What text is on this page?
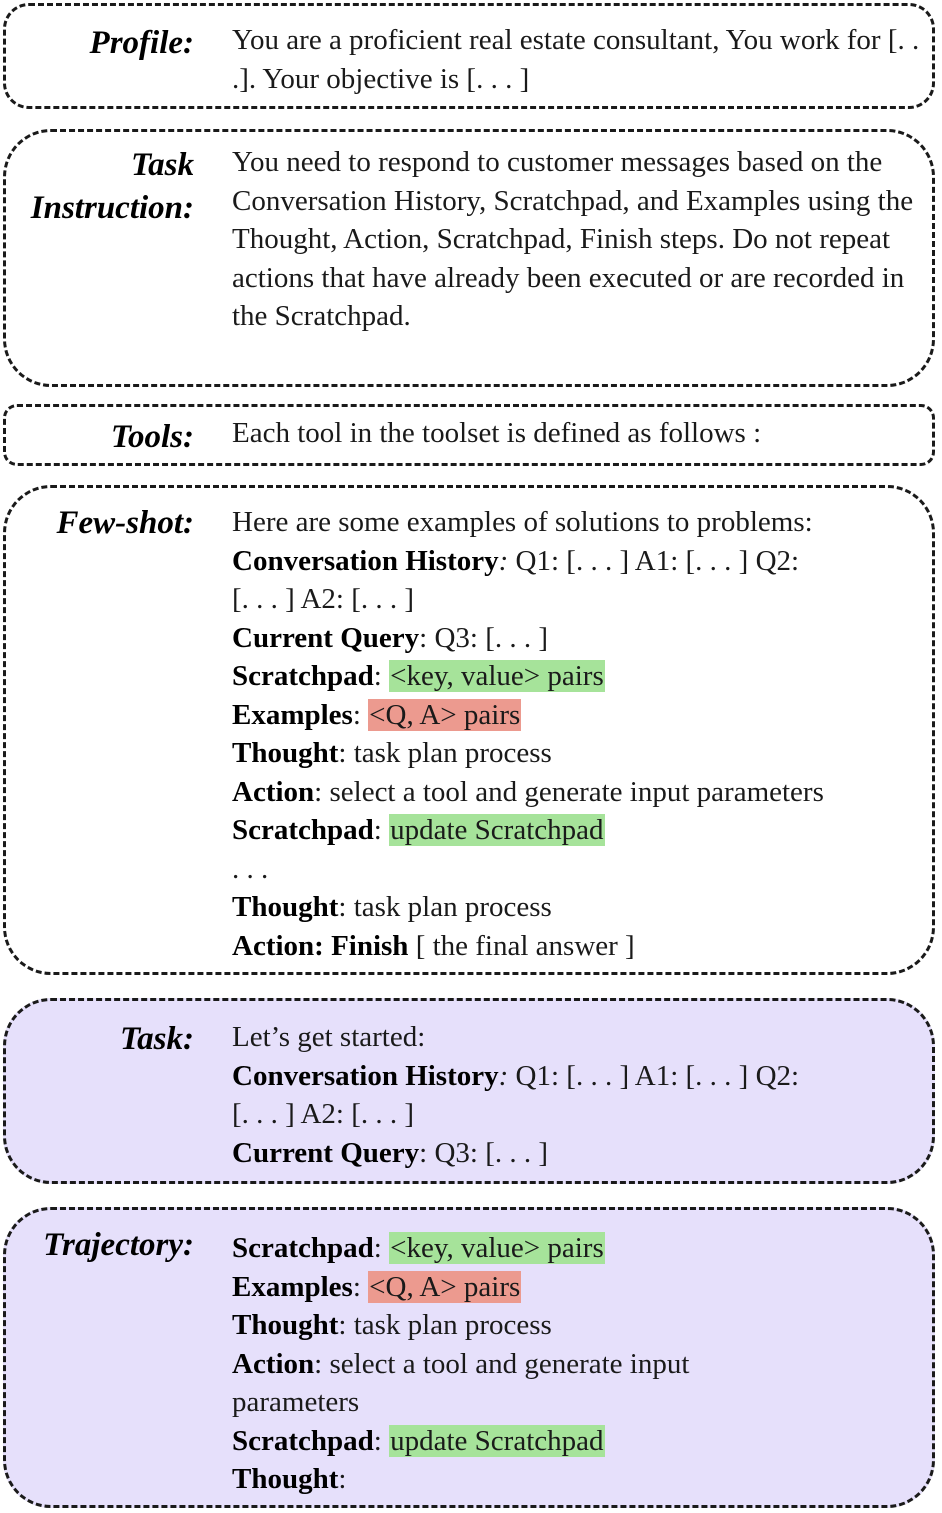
Profile: You are a proficient real estate consultant, You work for [. . .]. Your objective is [. . . ]
Task
Instruction:
You need to respond to customer messages based on the Conversation History, Scratchpad, and Examples using the Thought, Action, Scratchpad, Finish steps. Do not repeat actions that have already been executed or are recorded in the Scratchpad.
Tools: Each tool in the toolset is defined as follows :
Few-shot: Here are some examples of solutions to problems:
Conversation History: Q1: [. . . ] A1: [. . . ] Q2:
[. . . ] A2: [. . . ]
Current Query: Q3: [. . . ]
Scratchpad: <key, value> pairs
Examples: <Q, A> pairs
Thought: task plan process
Action: select a tool and generate input parameters
Scratchpad: update Scratchpad
. . .
Thought: task plan process
Action: Finish [ the final answer ]
Task: Let’s get started:
Conversation History: Q1: [. . . ] A1: [. . . ] Q2:
[. . . ] A2: [. . . ]
Current Query: Q3: [. . . ]
Trajectory: Scratchpad: <key, value> pairs
Examples: <Q, A> pairs
Thought: task plan process
Action: select a tool and generate input
parameters
Scratchpad: update Scratchpad
Thought:
